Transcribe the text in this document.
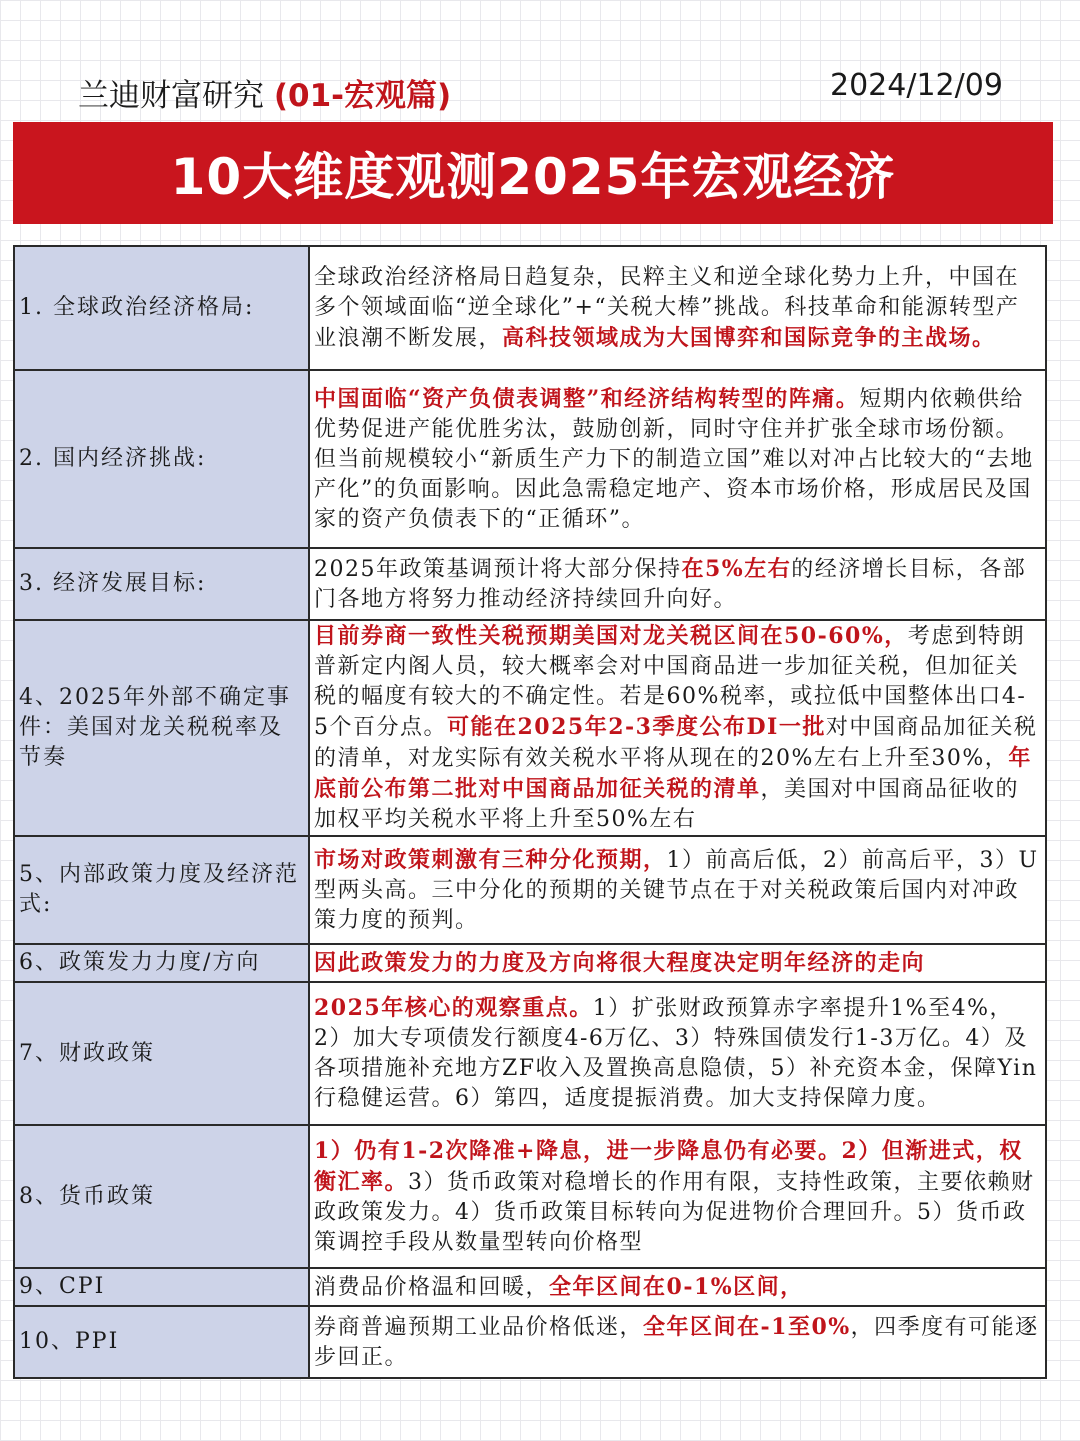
兰迪财富研究 (01-宏观篇)	2024/12/09
10大维度观测2025年宏观经济
1. 全球政治经济格局:	全球政治经济格局日趋复杂，民粹主义和逆全球化势力上升，中国在多个领域面临“逆全球化”+“关税大棒”挑战。科技革命和能源转型产业浪潮不断发展，高科技领域成为大国博弈和国际竞争的主战场。
2. 国内经济挑战:	中国面临“资产负债表调整”和经济结构转型的阵痛。短期内依赖供给优势促进产能优胜劣汰，鼓励创新，同时守住并扩张全球市场份额。但当前规模较小“新质生产力下的制造立国”难以对冲占比较大的“去地产化”的负面影响。因此急需稳定地产、资本市场价格，形成居民及国家的资产负债表下的“正循环”。
3. 经济发展目标:	2025年政策基调预计将大部分保持在5%左右的经济增长目标，各部门各地方将努力推动经济持续回升向好。
4、2025年外部不确定事件：美国对龙关税税率及节奏	目前券商一致性关税预期美国对龙关税区间在50-60%，考虑到特朗普新定内阁人员，较大概率会对中国商品进一步加征关税，但加征关税的幅度有较大的不确定性。若是60%税率，或拉低中国整体出口4-5个百分点。可能在2025年2-3季度公布DI一批对中国商品加征关税的清单，对龙实际有效关税水平将从现在的20%左右上升至30%，年底前公布第二批对中国商品加征关税的清单，美国对中国商品征收的加权平均关税水平将上升至50%左右
5、内部政策力度及经济范式:	市场对政策刺激有三种分化预期，1）前高后低，2）前高后平，3）U型两头高。三中分化的预期的关键节点在于对关税政策后国内对冲政策力度的预判。
6、政策发力力度/方向	因此政策发力的力度及方向将很大程度决定明年经济的走向
7、财政政策	2025年核心的观察重点。1）扩张财政预算赤字率提升1%至4%，2）加大专项债发行额度4-6万亿、3）特殊国债发行1-3万亿。4）及各项措施补充地方ZF收入及置换高息隐债，5）补充资本金，保障Yin行稳健运营。6）第四，适度提振消费。加大支持保障力度。
8、货币政策	1）仍有1-2次降准+降息，进一步降息仍有必要。2）但渐进式，权衡汇率。3）货币政策对稳增长的作用有限，支持性政策，主要依赖财政政策发力。4）货币政策目标转向为促进物价合理回升。5）货币政策调控手段从数量型转向价格型
9、CPI	消费品价格温和回暖，全年区间在0-1%区间，
10、PPI	券商普遍预期工业品价格低迷，全年区间在-1至0%，四季度有可能逐步回正。
